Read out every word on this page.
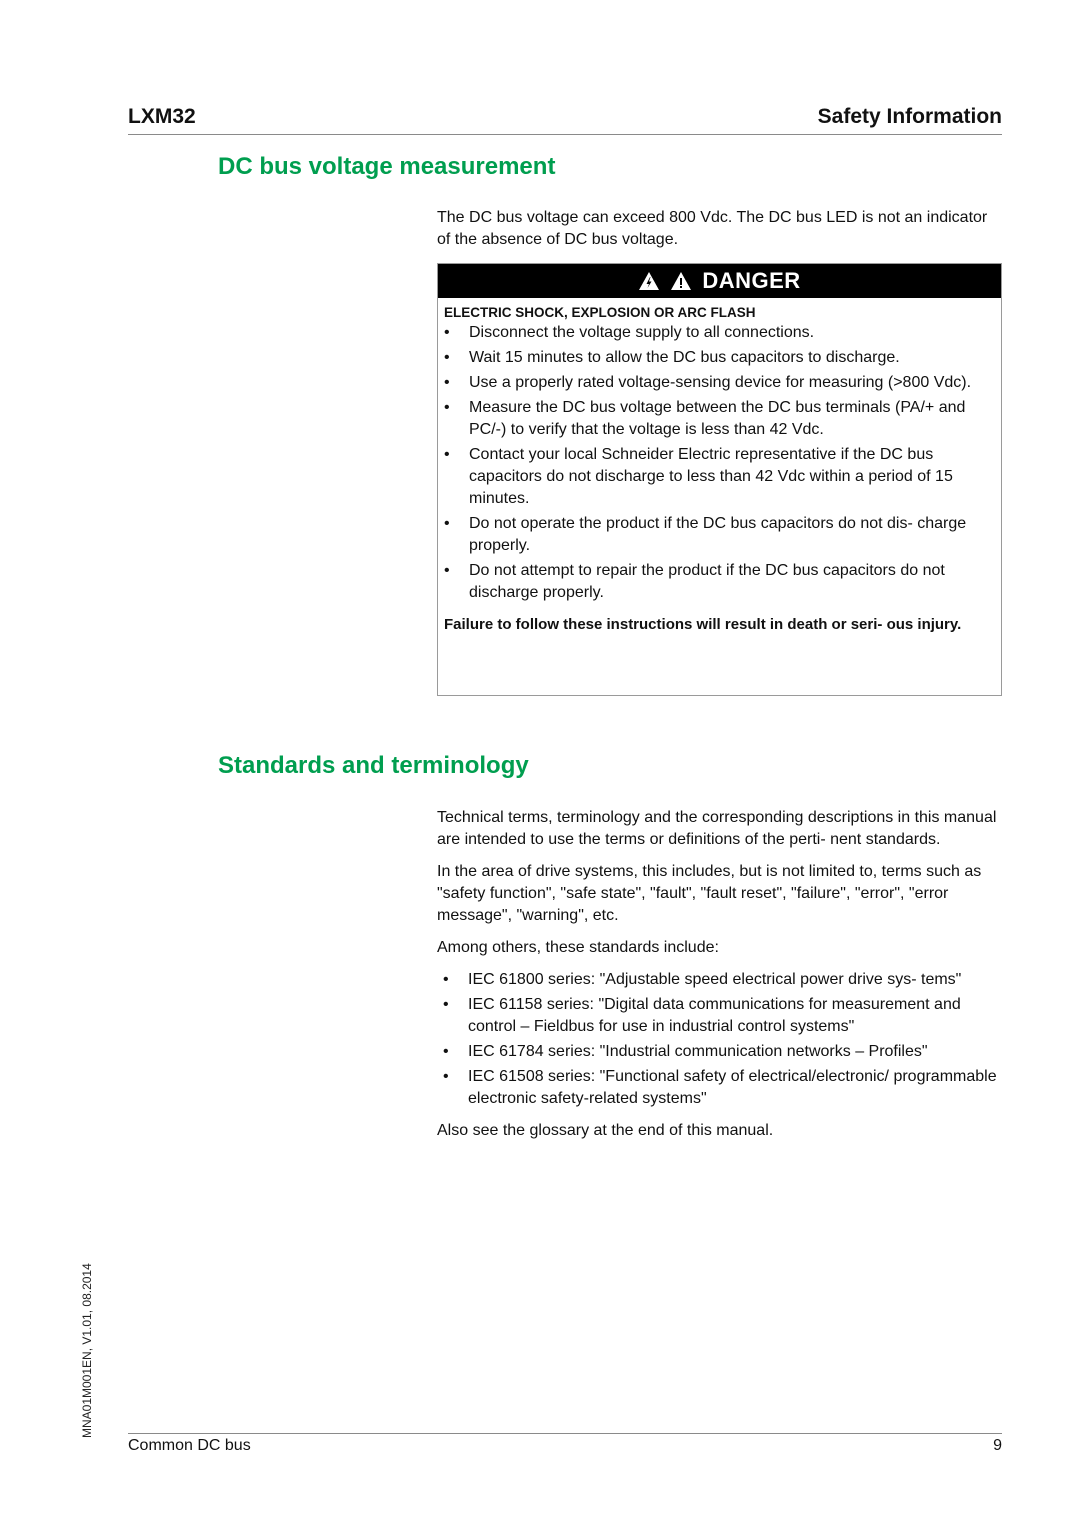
LXM32	Safety Information
DC bus voltage measurement

The DC bus voltage can exceed 800 Vdc. The DC bus LED is not an indicator of the absence of DC bus voltage.

DANGER
ELECTRIC SHOCK, EXPLOSION OR ARC FLASH
• Disconnect the voltage supply to all connections.
• Wait 15 minutes to allow the DC bus capacitors to discharge.
• Use a properly rated voltage-sensing device for measuring (>800 Vdc).
• Measure the DC bus voltage between the DC bus terminals (PA/+ and PC/-) to verify that the voltage is less than 42 Vdc.
• Contact your local Schneider Electric representative if the DC bus capacitors do not discharge to less than 42 Vdc within a period of 15 minutes.
• Do not operate the product if the DC bus capacitors do not dis- charge properly.
• Do not attempt to repair the product if the DC bus capacitors do not discharge properly.
Failure to follow these instructions will result in death or seri- ous injury.
Standards and terminology

Technical terms, terminology and the corresponding descriptions in this manual are intended to use the terms or definitions of the perti- nent standards.

In the area of drive systems, this includes, but is not limited to, terms such as "safety function", "safe state", "fault", "fault reset", "failure", "error", "error message", "warning", etc.

Among others, these standards include:

• IEC 61800 series: "Adjustable speed electrical power drive sys- tems"
• IEC 61158 series: "Digital data communications for measurement and control – Fieldbus for use in industrial control systems"
• IEC 61784 series: "Industrial communication networks – Profiles"
• IEC 61508 series: "Functional safety of electrical/electronic/ programmable electronic safety-related systems"

Also see the glossary at the end of this manual.

MNA01M001EN, V1.01, 08.2014
Common DC bus	9
